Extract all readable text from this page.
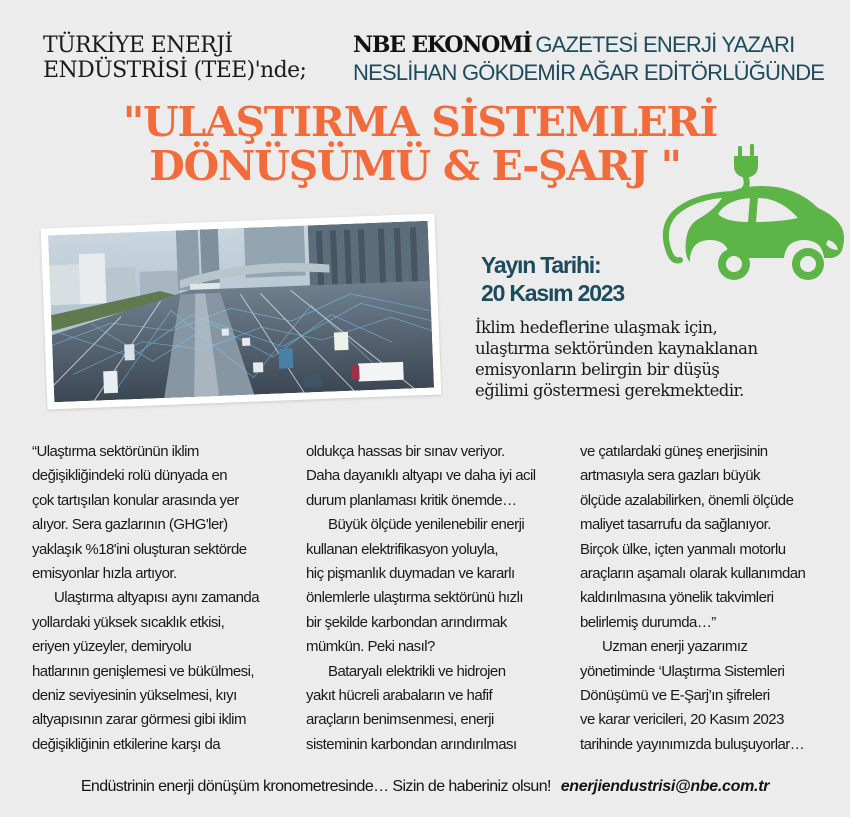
TÜRKİYE ENERJİ
ENDÜSTRİSİ (TEE)'nde;
NBE EKONOMİ GAZETESİ ENERJİ YAZARI
NESLİHAN GÖKDEMİR AĞAR EDİTÖRLÜĞÜNDE
"ULAŞTIRMA SİSTEMLERİ
DÖNÜŞÜMÜ & E-ŞARJ "
Yayın Tarihi:
20 Kasım 2023
İklim hedeflerine ulaşmak için,
ulaştırma sektöründen kaynaklanan
emisyonların belirgin bir düşüş
eğilimi göstermesi gerekmektedir.
“Ulaştırma sektörünün iklim
değişikliğindeki rolü dünyada en
çok tartışılan konular arasında yer
alıyor. Sera gazlarının (GHG'ler)
yaklaşık %18'ini oluşturan sektörde
emisyonlar hızla artıyor.
Ulaştırma altyapısı aynı zamanda
yollardaki yüksek sıcaklık etkisi,
eriyen yüzeyler, demiryolu
hatlarının genişlemesi ve bükülmesi,
deniz seviyesinin yükselmesi, kıyı
altyapısının zarar görmesi gibi iklim
değişikliğinin etkilerine karşı da
oldukça hassas bir sınav veriyor.
Daha dayanıklı altyapı ve daha iyi acil
durum planlaması kritik önemde…
Büyük ölçüde yenilenebilir enerji
kullanan elektrifikasyon yoluyla,
hiç pişmanlık duymadan ve kararlı
önlemlerle ulaştırma sektörünü hızlı
bir şekilde karbondan arındırmak
mümkün. Peki nasıl?
Bataryalı elektrikli ve hidrojen
yakıt hücreli arabaların ve hafif
araçların benimsenmesi, enerji
sisteminin karbondan arındırılması
ve çatılardaki güneş enerjisinin
artmasıyla sera gazları büyük
ölçüde azalabilirken, önemli ölçüde
maliyet tasarrufu da sağlanıyor.
Birçok ülke, içten yanmalı motorlu
araçların aşamalı olarak kullanımdan
kaldırılmasına yönelik takvimleri
belirlemiş durumda…”
Uzman enerji yazarımız
yönetiminde ‘Ulaştırma Sistemleri
Dönüşümü ve E-Şarj’ın şifreleri
ve karar vericileri, 20 Kasım 2023
tarihinde yayınımızda buluşuyorlar…
Endüstrinin enerji dönüşüm kronometresinde… Sizin de haberiniz olsun! enerjiendustrisi@nbe.com.tr
